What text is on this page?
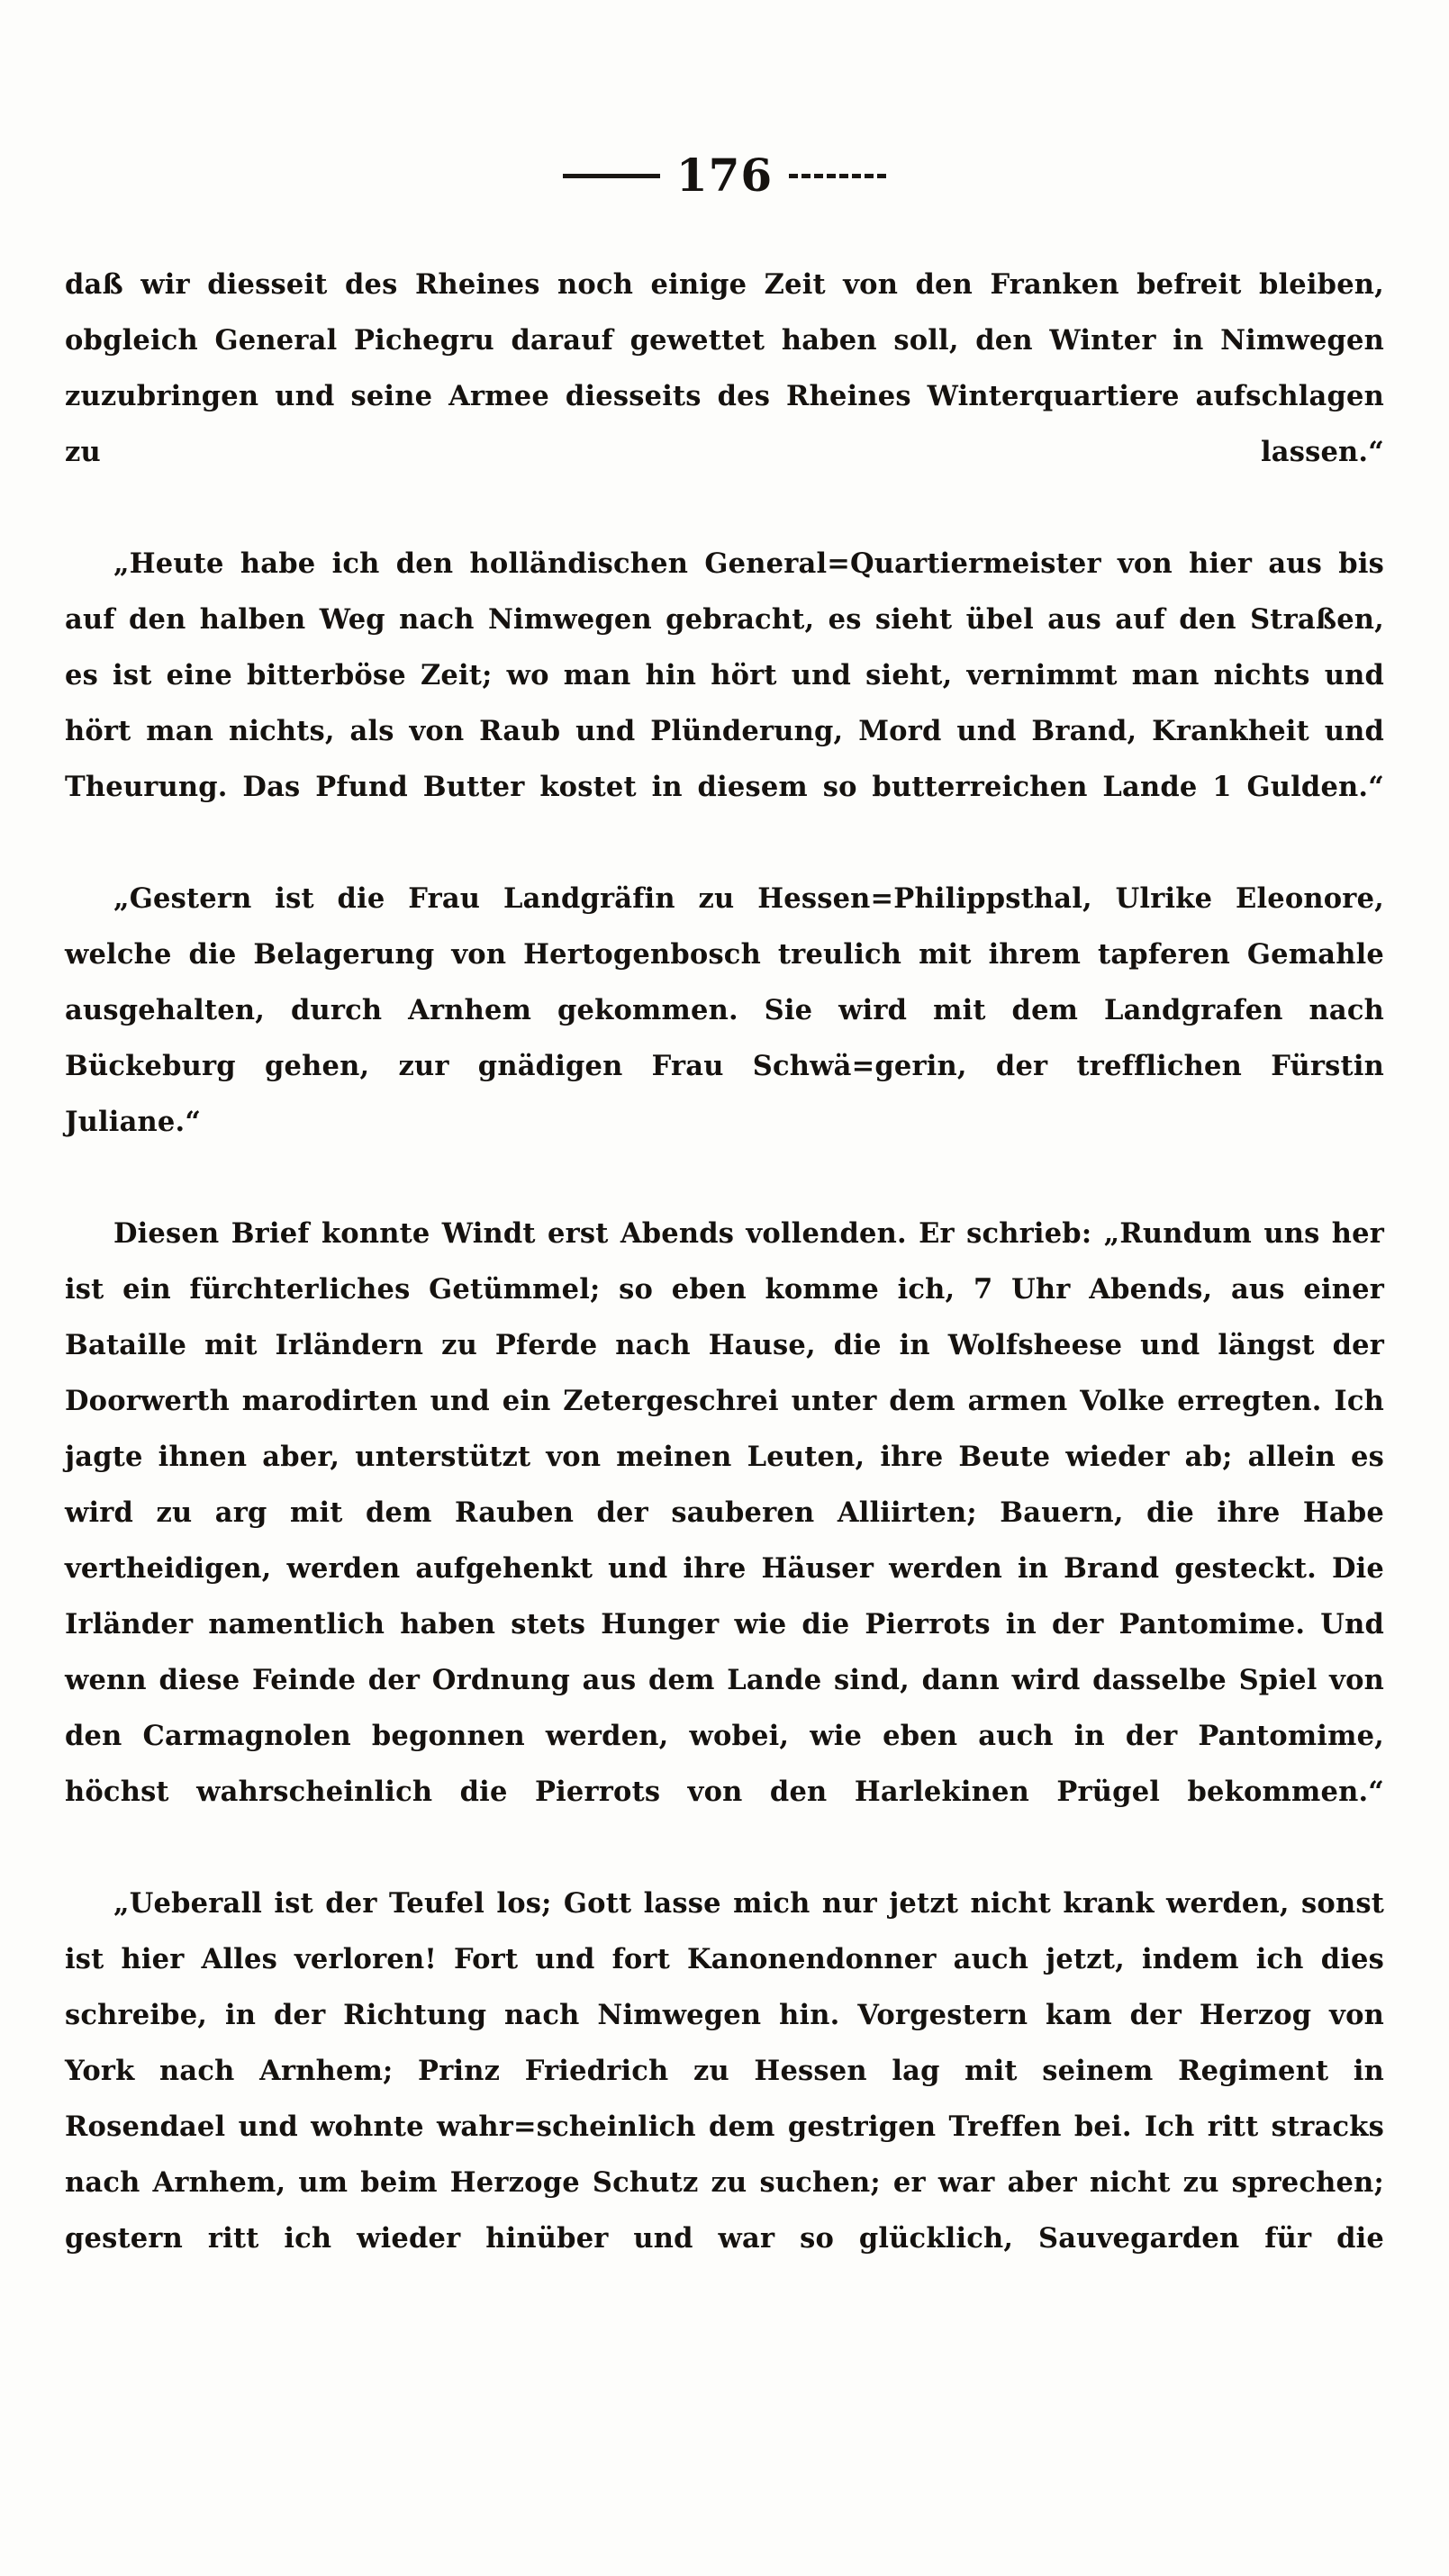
176

daß wir diesseit des Rheines noch einige Zeit von den Franken befreit bleiben, obgleich General Pichegru darauf gewettet haben soll, den Winter in Nimwegen zuzubringen und seine Armee diesseits des Rheines Winterquartiere aufschlagen zu lassen.“

„Heute habe ich den holländischen General=Quartiermeister von hier aus bis auf den halben Weg nach Nimwegen gebracht, es sieht übel aus auf den Straßen, es ist eine bitterböse Zeit; wo man hin hört und sieht, vernimmt man nichts und hört man nichts, als von Raub und Plünderung, Mord und Brand, Krankheit und Theurung. Das Pfund Butter kostet in diesem so butterreichen Lande 1 Gulden.“

„Gestern ist die Frau Landgräfin zu Hessen=Philippsthal, Ulrike Eleonore, welche die Belagerung von Hertogenbosch treulich mit ihrem tapferen Gemahle ausgehalten, durch Arnhem gekommen. Sie wird mit dem Landgrafen nach Bückeburg gehen, zur gnädigen Frau Schwä=gerin, der trefflichen Fürstin Juliane.“

Diesen Brief konnte Windt erst Abends vollenden. Er schrieb: „Rundum uns her ist ein fürchterliches Getümmel; so eben komme ich, 7 Uhr Abends, aus einer Bataille mit Irländern zu Pferde nach Hause, die in Wolfsheese und längst der Doorwerth marodirten und ein Zetergeschrei unter dem armen Volke erregten. Ich jagte ihnen aber, unterstützt von meinen Leuten, ihre Beute wieder ab; allein es wird zu arg mit dem Rauben der sauberen Alliirten; Bauern, die ihre Habe vertheidigen, werden aufgehenkt und ihre Häuser werden in Brand gesteckt. Die Irländer namentlich haben stets Hunger wie die Pierrots in der Pantomime. Und wenn diese Feinde der Ordnung aus dem Lande sind, dann wird dasselbe Spiel von den Carmagnolen begonnen werden, wobei, wie eben auch in der Pantomime, höchst wahrscheinlich die Pierrots von den Harlekinen Prügel bekommen.“

„Ueberall ist der Teufel los; Gott lasse mich nur jetzt nicht krank werden, sonst ist hier Alles verloren! Fort und fort Kanonendonner auch jetzt, indem ich dies schreibe, in der Richtung nach Nimwegen hin. Vorgestern kam der Herzog von York nach Arnhem; Prinz Friedrich zu Hessen lag mit seinem Regiment in Rosendael und wohnte wahr=scheinlich dem gestrigen Treffen bei. Ich ritt stracks nach Arnhem, um beim Herzoge Schutz zu suchen; er war aber nicht zu sprechen; gestern ritt ich wieder hinüber und war so glücklich, Sauvegarden für die
